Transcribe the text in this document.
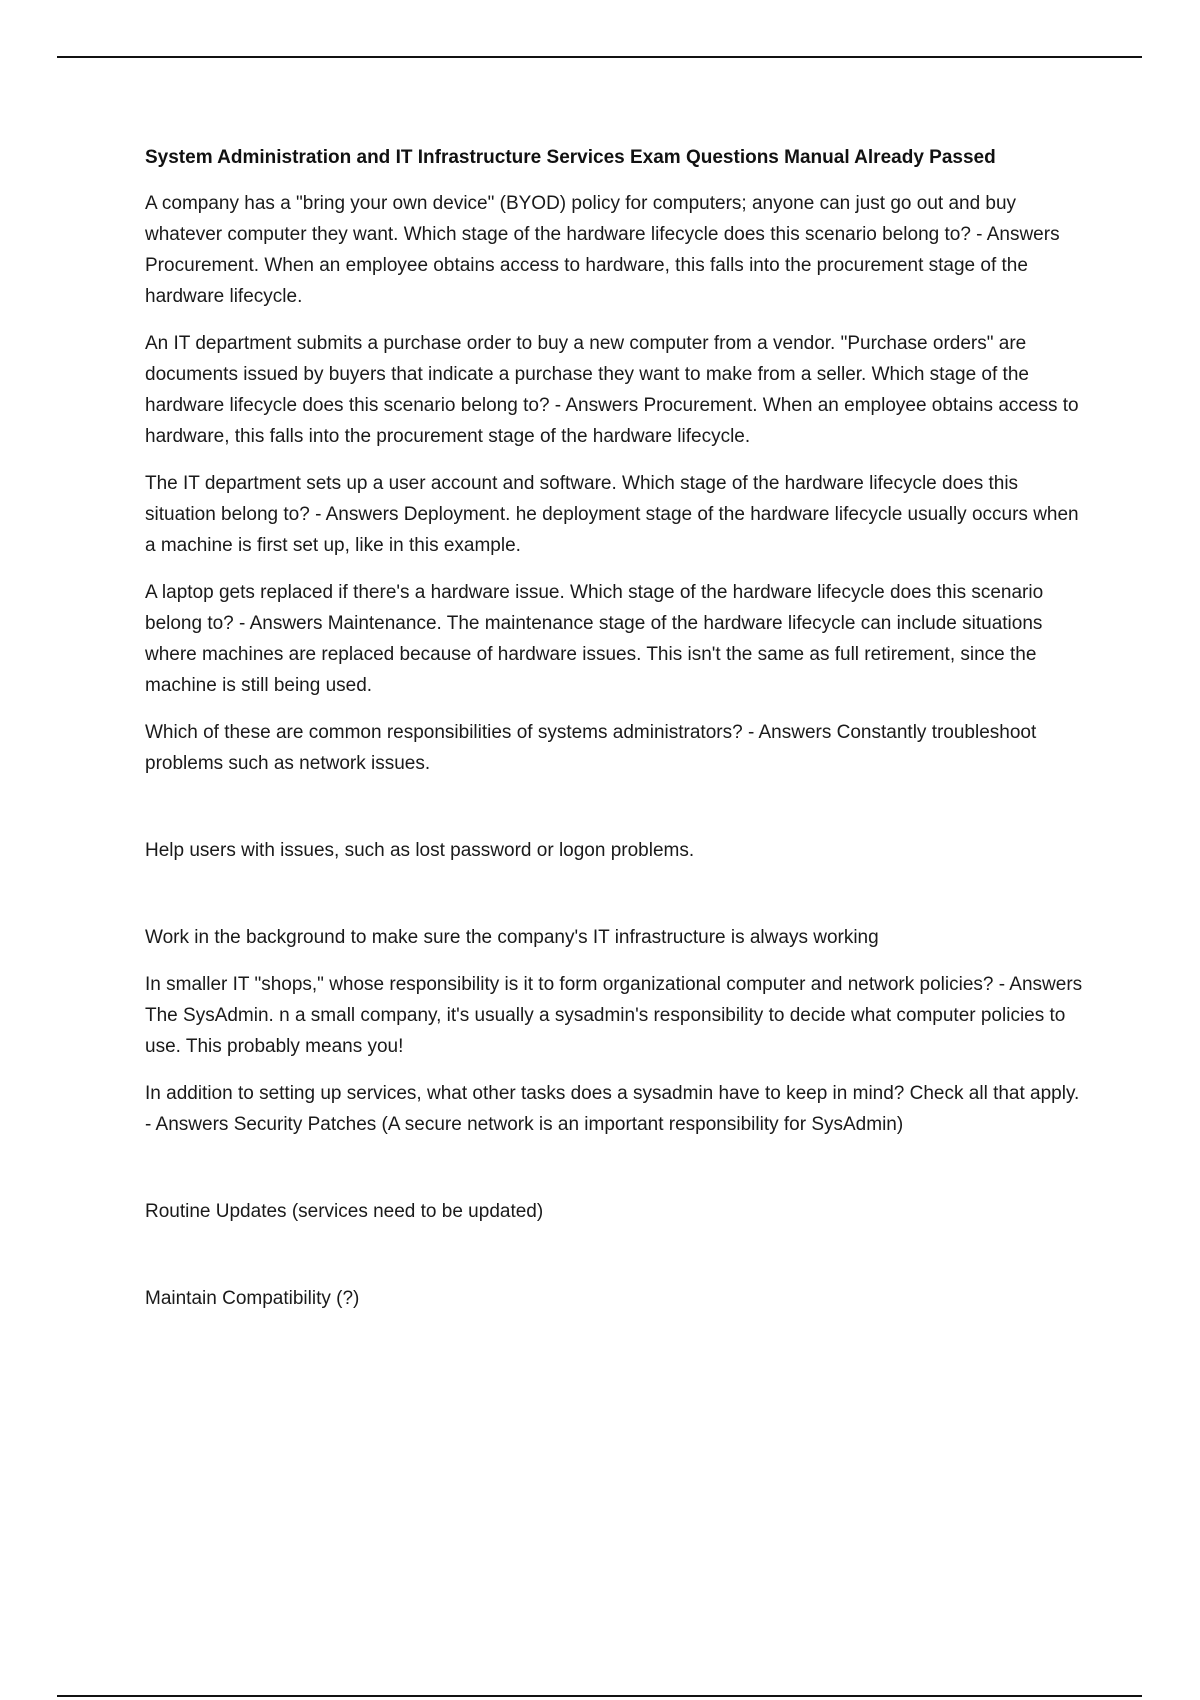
System Administration and IT Infrastructure Services Exam Questions Manual Already Passed

A company has a "bring your own device" (BYOD) policy for computers; anyone can just go out and buy whatever computer they want. Which stage of the hardware lifecycle does this scenario belong to? - Answers Procurement. When an employee obtains access to hardware, this falls into the procurement stage of the hardware lifecycle.

An IT department submits a purchase order to buy a new computer from a vendor. "Purchase orders" are documents issued by buyers that indicate a purchase they want to make from a seller. Which stage of the hardware lifecycle does this scenario belong to? - Answers Procurement. When an employee obtains access to hardware, this falls into the procurement stage of the hardware lifecycle.

The IT department sets up a user account and software. Which stage of the hardware lifecycle does this situation belong to? - Answers Deployment. he deployment stage of the hardware lifecycle usually occurs when a machine is first set up, like in this example.

A laptop gets replaced if there's a hardware issue. Which stage of the hardware lifecycle does this scenario belong to? - Answers Maintenance. The maintenance stage of the hardware lifecycle can include situations where machines are replaced because of hardware issues. This isn't the same as full retirement, since the machine is still being used.

Which of these are common responsibilities of systems administrators? - Answers Constantly troubleshoot problems such as network issues.

Help users with issues, such as lost password or logon problems.

Work in the background to make sure the company's IT infrastructure is always working

In smaller IT "shops," whose responsibility is it to form organizational computer and network policies? - Answers The SysAdmin. n a small company, it's usually a sysadmin's responsibility to decide what computer policies to use. This probably means you!

In addition to setting up services, what other tasks does a sysadmin have to keep in mind? Check all that apply. - Answers Security Patches (A secure network is an important responsibility for SysAdmin)

Routine Updates (services need to be updated)

Maintain Compatibility (?)
